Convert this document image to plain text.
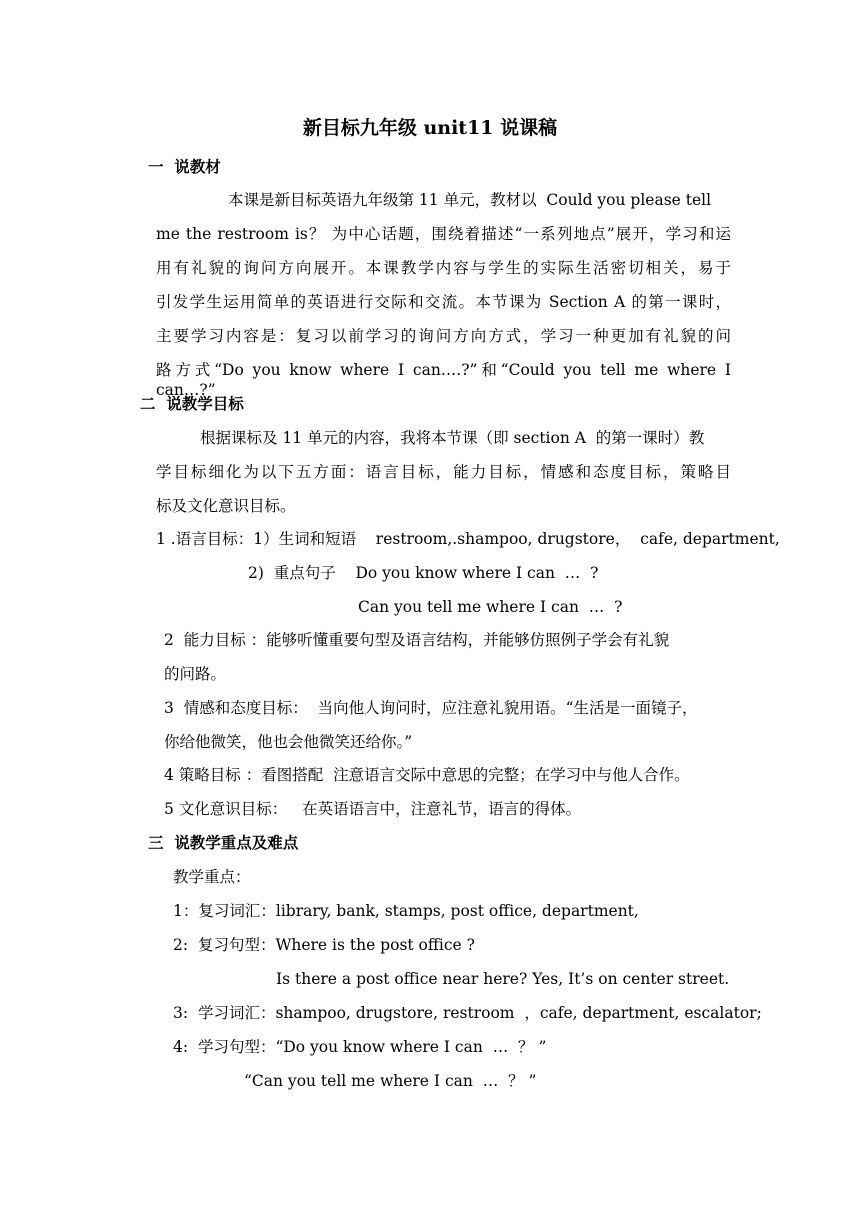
新目标九年级 unit11 说课稿
一  说教材
本课是新目标英语九年级第 11 单元，教材以  Could you please tell
me the restroom is？ 为中心话题，围绕着描述“一系列地点”展开，学习和运
用有礼貌的询问方向展开。本课教学内容与学生的实际生活密切相关，易于
引发学生运用简单的英语进行交际和交流。本节课为 Section A 的第一课时，
主要学习内容是：复习以前学习的询问方向方式，学习一种更加有礼貌的问
路方式“Do you know where I can….?”和“Could you tell me where I can…?”
二  说教学目标
根据课标及 11 单元的内容，我将本节课（即 section A  的第一课时）教
学目标细化为以下五方面：语言目标，能力目标，情感和态度目标，策略目
标及文化意识目标。
1 .语言目标：1）生词和短语    restroom,.shampoo, drugstore，  cafe, department,
2)  重点句子    Do you know where I can  …  ?
Can you tell me where I can  …  ?
2  能力目标 ：能够听懂重要句型及语言结构，并能够仿照例子学会有礼貌
的问路。
3  情感和态度目标：  当向他人询问时，应注意礼貌用语。“生活是一面镜子，
你给他微笑，他也会他微笑还给你。”
4 策略目标 ：看图搭配  注意语言交际中意思的完整；在学习中与他人合作。
5 文化意识目标：   在英语语言中，注意礼节，语言的得体。
三  说教学重点及难点
教学重点：
1：复习词汇：library, bank, stamps, post office, department,
2:  复习句型：Where is the post office ?
Is there a post office near here? Yes, It’s on center street.
3:  学习词汇：shampoo, drugstore, restroom  ，cafe, department, escalator;
4:  学习句型：“Do you know where I can  …  ？ ”
“Can you tell me where I can  …  ？ ”
